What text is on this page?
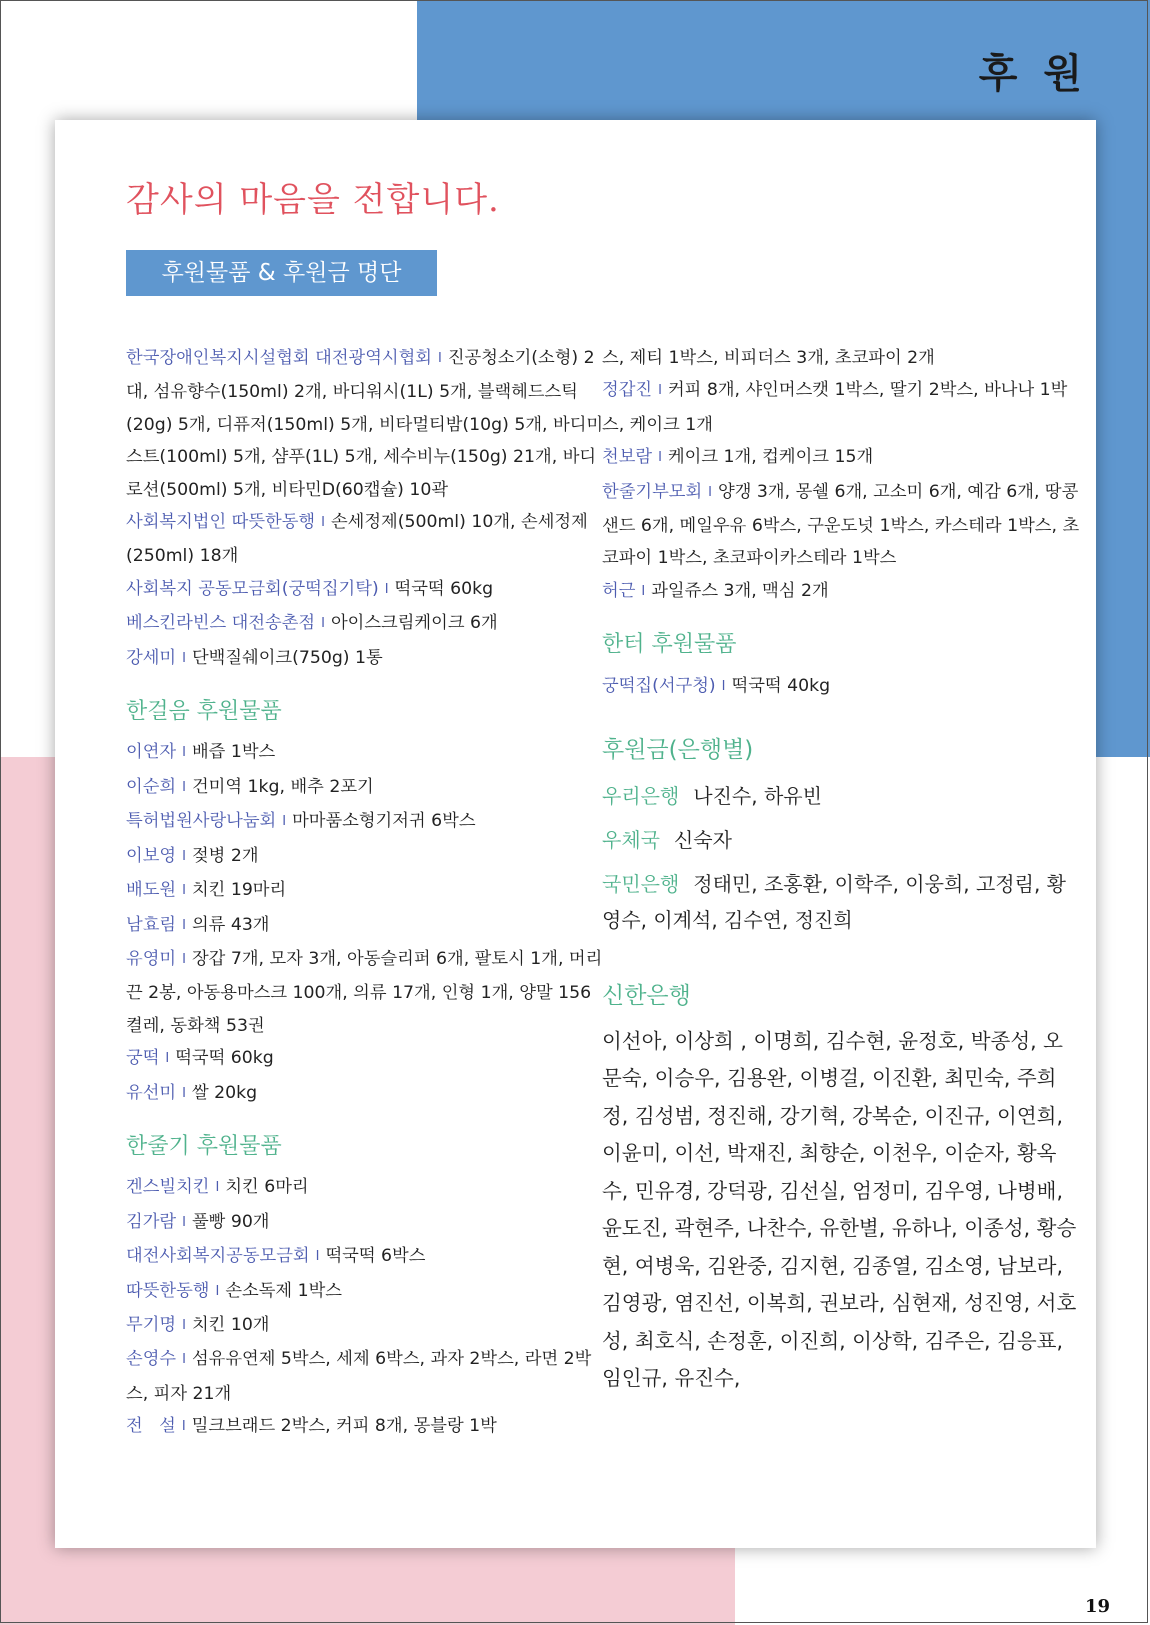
후 원
감사의 마음을 전합니다.
후원물품 & 후원금 명단

한국장애인복지시설협회 대전광역시협회 I 진공청소기(소형) 2대, 섬유향수(150ml) 2개, 바디워시(1L) 5개, 블랙헤드스틱(20g) 5개, 디퓨저(150ml) 5개, 비타멀티밤(10g) 5개, 바디미스트(100ml) 5개, 샴푸(1L) 5개, 세수비누(150g) 21개, 바디로션(500ml) 5개, 비타민D(60캡슐) 10곽

사회복지법인 따뜻한동행 I 손세정제(500ml) 10개, 손세정제(250ml) 18개

사회복지 공동모금회(궁떡집기탁) I 떡국떡 60kg

베스킨라빈스 대전송촌점 I 아이스크림케이크 6개

강세미 I 단백질쉐이크(750g) 1통

한걸음 후원물품

이연자 I 배즙 1박스

이순희 I 건미역 1kg, 배추 2포기

특허법원사랑나눔회 I 마마품소형기저귀 6박스

이보영 I 젖병 2개

배도원 I 치킨 19마리

남효림 I 의류 43개

유영미 I 장갑 7개, 모자 3개, 아동슬리퍼 6개, 팔토시 1개, 머리끈 2봉, 아동용마스크 100개, 의류 17개, 인형 1개, 양말 156켤레, 동화책 53권

궁떡 I 떡국떡 60kg

유선미 I 쌀 20kg

한줄기 후원물품

겐스빌치킨 I 치킨 6마리

김가람 I 풀빵 90개

대전사회복지공동모금회 I 떡국떡 6박스

따뜻한동행 I 손소독제 1박스

무기명 I 치킨 10개

손영수 I 섬유유연제 5박스, 세제 6박스, 과자 2박스, 라면 2박스, 피자 21개

전   설 I 밀크브래드 2박스, 커피 8개, 몽블랑 1박

스, 제티 1박스, 비피더스 3개, 초코파이 2개

정갑진 I 커피 8개, 샤인머스캣 1박스, 딸기 2박스, 바나나 1박스, 케이크 1개

천보람 I 케이크 1개, 컵케이크 15개

한줄기부모회 I 양갱 3개, 몽쉘 6개, 고소미 6개, 예감 6개, 땅콩샌드 6개, 메일우유 6박스, 구운도넛 1박스, 카스테라 1박스, 초코파이 1박스, 초코파이카스테라 1박스

허근 I 과일쥬스 3개, 맥심 2개

한터 후원물품

궁떡집(서구청) I 떡국떡 40kg

후원금(은행별)

우리은행 나진수, 하유빈

우체국 신숙자

국민은행 정태민, 조홍환, 이학주, 이웅희, 고정림, 황영수, 이계석, 김수연, 정진희

신한은행

이선아, 이상희 , 이명희, 김수현, 윤정호, 박종성, 오문숙, 이승우, 김용완, 이병걸, 이진환, 최민숙, 주희정, 김성범, 정진해, 강기혁, 강복순, 이진규, 이연희, 이윤미, 이선, 박재진, 최향순, 이천우, 이순자, 황옥수, 민유경, 강덕광, 김선실, 엄정미, 김우영, 나병배, 윤도진, 곽현주, 나찬수, 유한별, 유하나, 이종성, 황승현, 여병욱, 김완중, 김지현, 김종열, 김소영, 남보라, 김영광, 염진선, 이복희, 권보라, 심현재, 성진영, 서호성, 최호식, 손정훈, 이진희, 이상학, 김주은, 김응표, 임인규, 유진수,

19
